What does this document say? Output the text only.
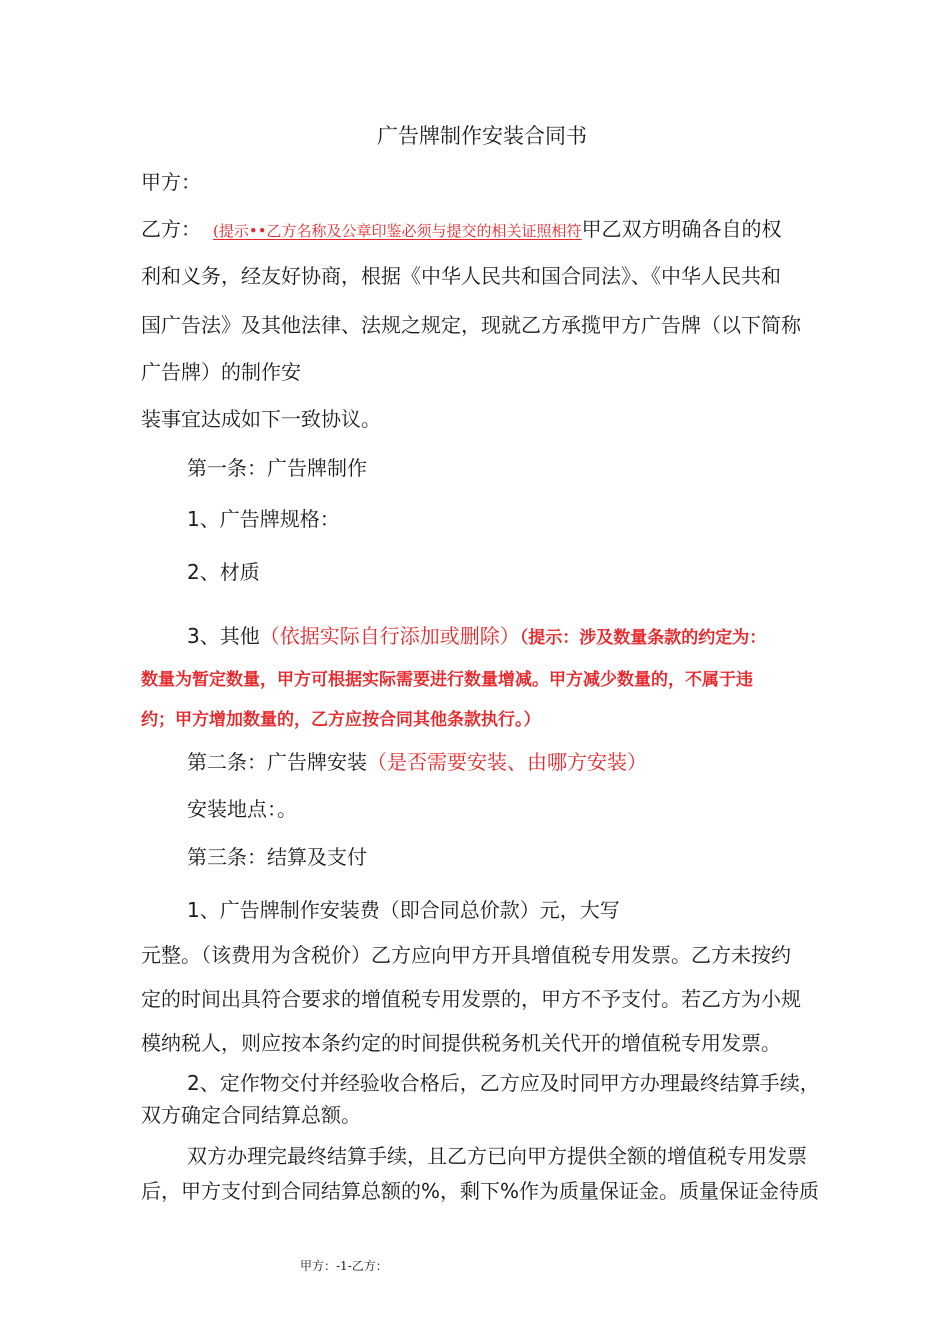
广告牌制作安装合同书
甲方：
乙方： (提示••乙方名称及公章印鉴必须与提交的相关证照相符甲乙双方明确各自的权
利和义务，经友好协商，根据《中华人民共和国合同法》、《中华人民共和
国广告法》及其他法律、法规之规定，现就乙方承揽甲方广告牌（以下简称
广告牌）的制作安
装事宜达成如下一致协议。
第一条：广告牌制作
1、广告牌规格：
2、材质
3、其他（依据实际自行添加或删除）（提示：涉及数量条款的约定为：
数量为暂定数量，甲方可根据实际需要进行数量增减。甲方减少数量的，不属于违
约；甲方增加数量的，乙方应按合同其他条款执行。）
第二条：广告牌安装（是否需要安装、由哪方安装）
安装地点：。
第三条：结算及支付
1、广告牌制作安装费（即合同总价款）元，大写
元整。（该费用为含税价）乙方应向甲方开具增值税专用发票。乙方未按约
定的时间出具符合要求的增值税专用发票的，甲方不予支付。若乙方为小规
模纳税人，则应按本条约定的时间提供税务机关代开的增值税专用发票。
2、定作物交付并经验收合格后，乙方应及时同甲方办理最终结算手续，
双方确定合同结算总额。
双方办理完最终结算手续，且乙方已向甲方提供全额的增值税专用发票
后，甲方支付到合同结算总额的%，剩下%作为质量保证金。质量保证金待质
甲方：-1-乙方：
